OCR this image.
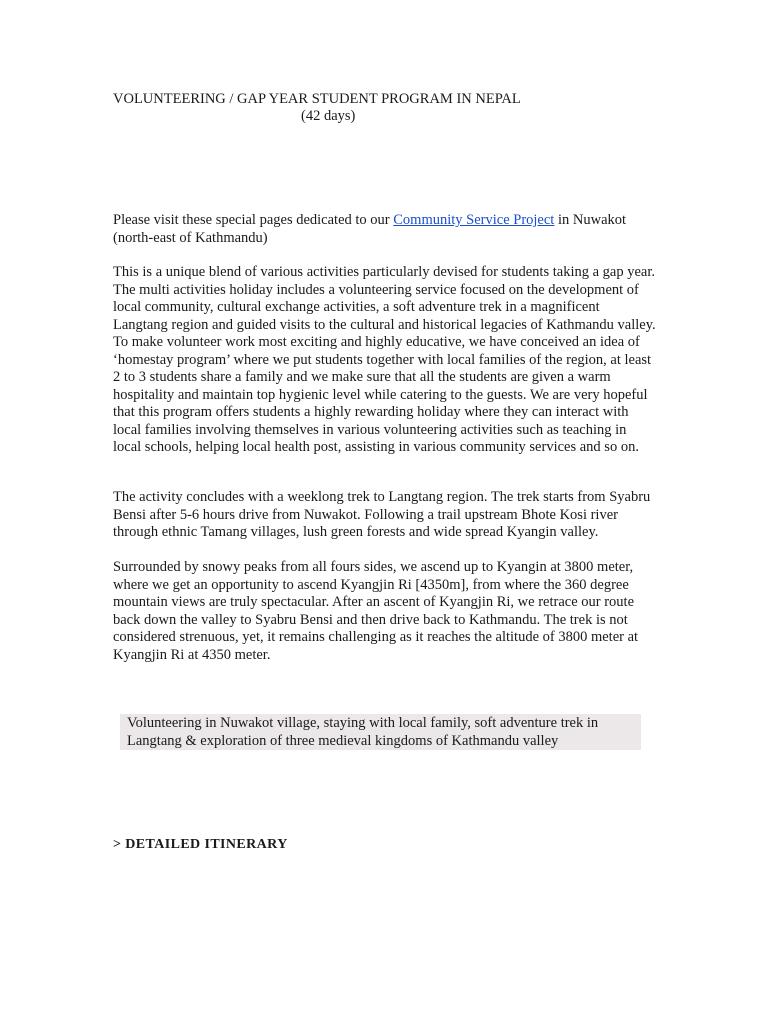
VOLUNTEERING / GAP YEAR STUDENT PROGRAM IN NEPAL
(42 days)

Please visit these special pages dedicated to our Community Service Project in Nuwakot (north-east of Kathmandu)

This is a unique blend of various activities particularly devised for students taking a gap year. The multi activities holiday includes a volunteering service focused on the development of local community, cultural exchange activities, a soft adventure trek in a magnificent Langtang region and guided visits to the cultural and historical legacies of Kathmandu valley. To make volunteer work most exciting and highly educative, we have conceived an idea of ‘homestay program’ where we put students together with local families of the region, at least 2 to 3 students share a family and we make sure that all the students are given a warm hospitality and maintain top hygienic level while catering to the guests. We are very hopeful that this program offers students a highly rewarding holiday where they can interact with local families involving themselves in various volunteering activities such as teaching in local schools, helping local health post, assisting in various community services and so on.

The activity concludes with a weeklong trek to Langtang region. The trek starts from Syabru Bensi after 5-6 hours drive from Nuwakot. Following a trail upstream Bhote Kosi river through ethnic Tamang villages, lush green forests and wide spread Kyangin valley.

Surrounded by snowy peaks from all fours sides, we ascend up to Kyangin at 3800 meter, where we get an opportunity to ascend Kyangjin Ri [4350m], from where the 360 degree mountain views are truly spectacular. After an ascent of Kyangjin Ri, we retrace our route back down the valley to Syabru Bensi and then drive back to Kathmandu. The trek is not considered strenuous, yet, it remains challenging as it reaches the altitude of 3800 meter at Kyangjin Ri at 4350 meter.

Volunteering in Nuwakot village, staying with local family, soft adventure trek in Langtang & exploration of three medieval kingdoms of Kathmandu valley

> DETAILED ITINERARY
